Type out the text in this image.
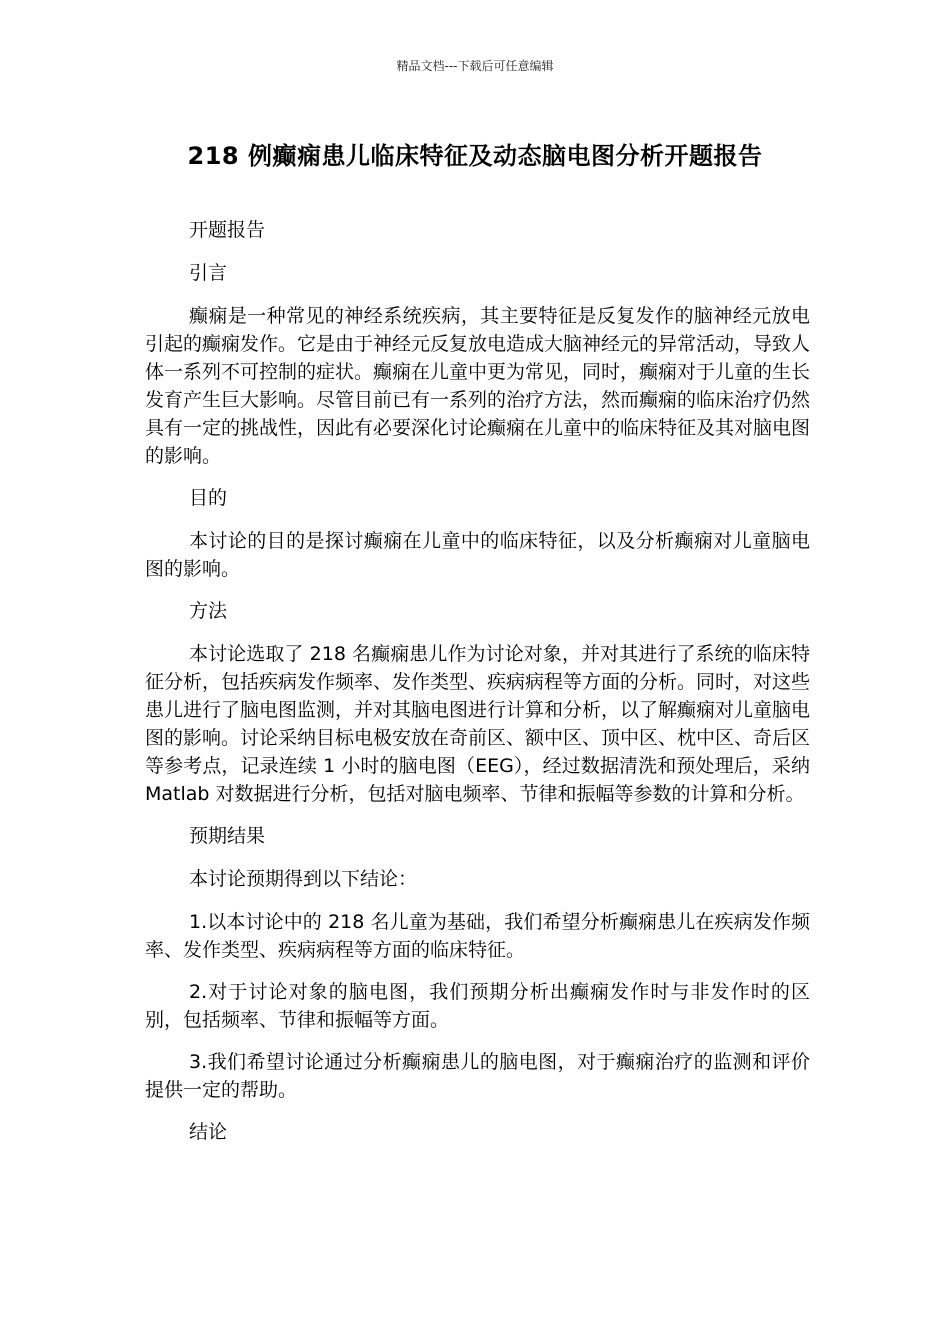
精品文档---下载后可任意编辑
218 例癫痫患儿临床特征及动态脑电图分析开题报告

开题报告

引言

癫痫是一种常见的神经系统疾病，其主要特征是反复发作的脑神经元放电引起的癫痫发作。它是由于神经元反复放电造成大脑神经元的异常活动，导致人体一系列不可控制的症状。癫痫在儿童中更为常见，同时，癫痫对于儿童的生长发育产生巨大影响。尽管目前已有一系列的治疗方法，然而癫痫的临床治疗仍然具有一定的挑战性，因此有必要深化讨论癫痫在儿童中的临床特征及其对脑电图的影响。

目的

本讨论的目的是探讨癫痫在儿童中的临床特征，以及分析癫痫对儿童脑电图的影响。

方法

本讨论选取了 218 名癫痫患儿作为讨论对象，并对其进行了系统的临床特征分析，包括疾病发作频率、发作类型、疾病病程等方面的分析。同时，对这些患儿进行了脑电图监测，并对其脑电图进行计算和分析，以了解癫痫对儿童脑电图的影响。讨论采纳目标电极安放在奇前区、额中区、顶中区、枕中区、奇后区等参考点，记录连续 1 小时的脑电图（EEG），经过数据清洗和预处理后，采纳 Matlab 对数据进行分析，包括对脑电频率、节律和振幅等参数的计算和分析。

预期结果

本讨论预期得到以下结论：

1.以本讨论中的 218 名儿童为基础，我们希望分析癫痫患儿在疾病发作频率、发作类型、疾病病程等方面的临床特征。

2.对于讨论对象的脑电图，我们预期分析出癫痫发作时与非发作时的区别，包括频率、节律和振幅等方面。

3.我们希望讨论通过分析癫痫患儿的脑电图，对于癫痫治疗的监测和评价提供一定的帮助。

结论
